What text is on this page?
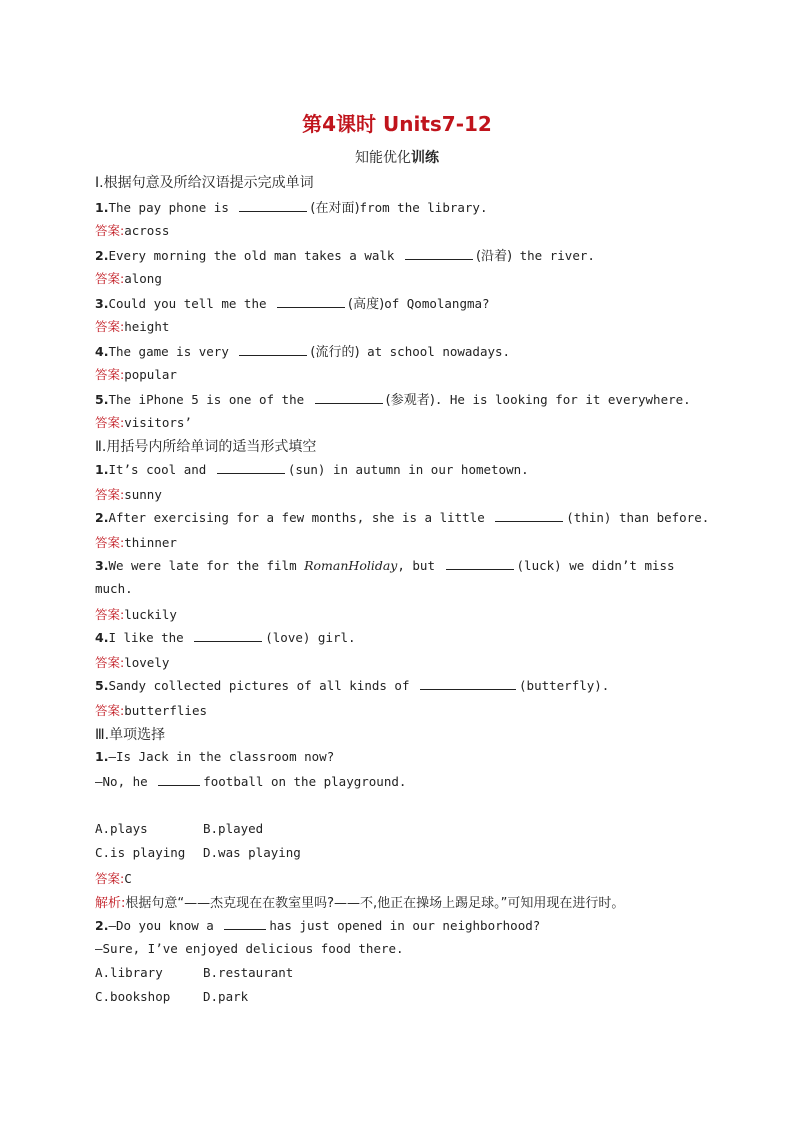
第4课时 Units7-12
知能优化训练
Ⅰ.根据句意及所给汉语提示完成单词
1.The pay phone is	(在对面)from the library.
答案:across
2.Every morning the old man takes a walk	(沿着) the river.
答案:along
3.Could you tell me the	(高度)of Qomolangma?
答案:height
4.The game is very	(流行的) at school nowadays.
答案:popular
5.The iPhone 5 is one of the	(参观者). He is looking for it everywhere.
答案:visitors’
Ⅱ.用括号内所给单词的适当形式填空
1.It’s cool and	(sun) in autumn in our hometown.
答案:sunny
2.After exercising for a few months, she is a little	(thin) than before.
答案:thinner
3.We were late for the film RomanHoliday, but	(luck) we didn’t miss
much.
答案:luckily
4.I like the	(love) girl.
答案:lovely
5.Sandy collected pictures of all kinds of	(butterfly).
答案:butterflies
Ⅲ.单项选择
1.—Is Jack in the classroom now?
—No, he	football on the playground.
A.plays	B.played
C.is playing D.was playing
答案:C
解析:根据句意“——杰克现在在教室里吗?——不,他正在操场上踢足球。”可知用现在进行时。
2.—Do you know a	has just opened in our neighborhood?
—Sure, I’ve enjoyed delicious food there.
A.library	B.restaurant
C.bookshop	D.park
